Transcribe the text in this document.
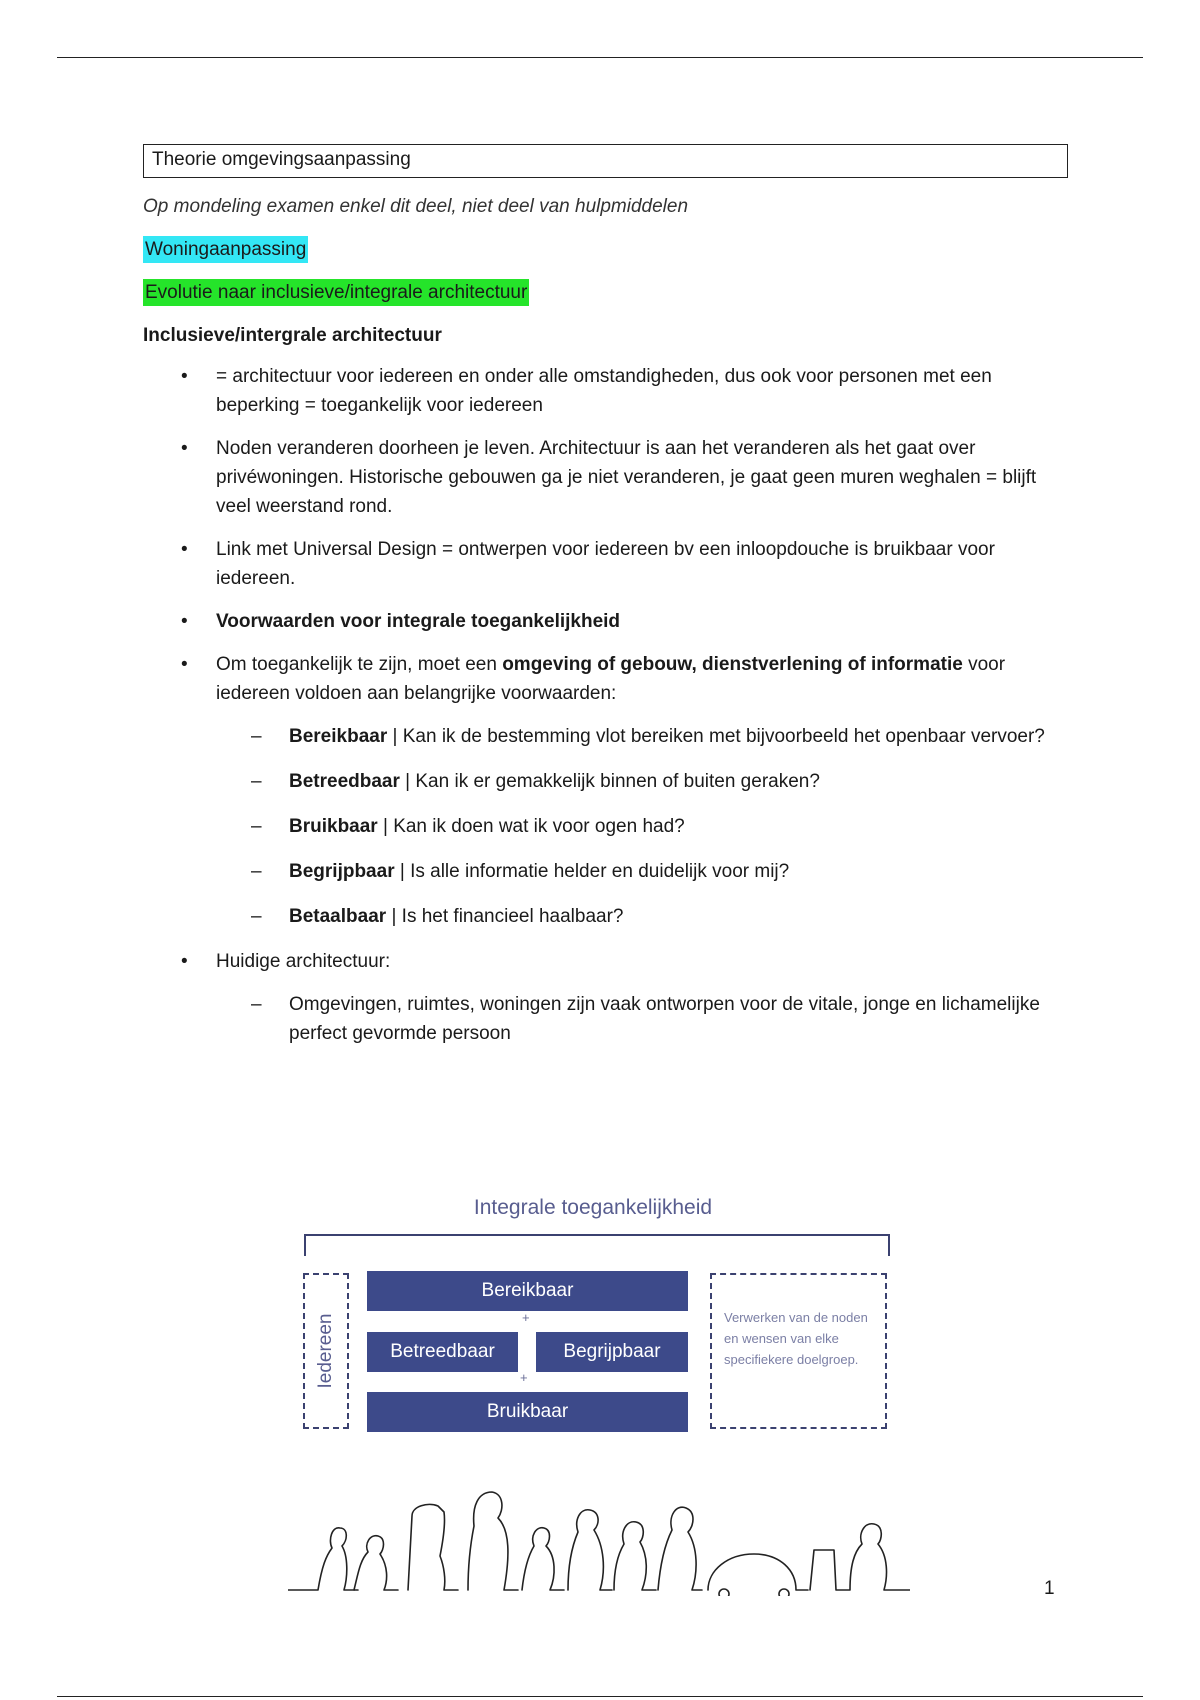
Theorie omgevingsaanpassing
Op mondeling examen enkel dit deel, niet deel van hulpmiddelen
Woningaanpassing
Evolutie naar inclusieve/integrale architectuur
Inclusieve/intergrale architectuur
• = architectuur voor iedereen en onder alle omstandigheden, dus ook voor personen met een beperking = toegankelijk voor iedereen
• Noden veranderen doorheen je leven. Architectuur is aan het veranderen als het gaat over privéwoningen. Historische gebouwen ga je niet veranderen, je gaat geen muren weghalen = blijft veel weerstand rond.
• Link met Universal Design = ontwerpen voor iedereen bv een inloopdouche is bruikbaar voor iedereen.
• Voorwaarden voor integrale toegankelijkheid
• Om toegankelijk te zijn, moet een omgeving of gebouw, dienstverlening of informatie voor iedereen voldoen aan belangrijke voorwaarden:
– Bereikbaar | Kan ik de bestemming vlot bereiken met bijvoorbeeld het openbaar vervoer?
– Betreedbaar | Kan ik er gemakkelijk binnen of buiten geraken?
– Bruikbaar | Kan ik doen wat ik voor ogen had?
– Begrijpbaar | Is alle informatie helder en duidelijk voor mij?
– Betaalbaar | Is het financieel haalbaar?
• Huidige architectuur:
– Omgevingen, ruimtes, woningen zijn vaak ontworpen voor de vitale, jonge en lichamelijke perfect gevormde persoon
Integrale toegankelijkheid
Iedereen
Bereikbaar
+
Betreedbaar	Begrijpbaar
+
Bruikbaar
Verwerken van de noden en wensen van elke specifiekere doelgroep.
1
